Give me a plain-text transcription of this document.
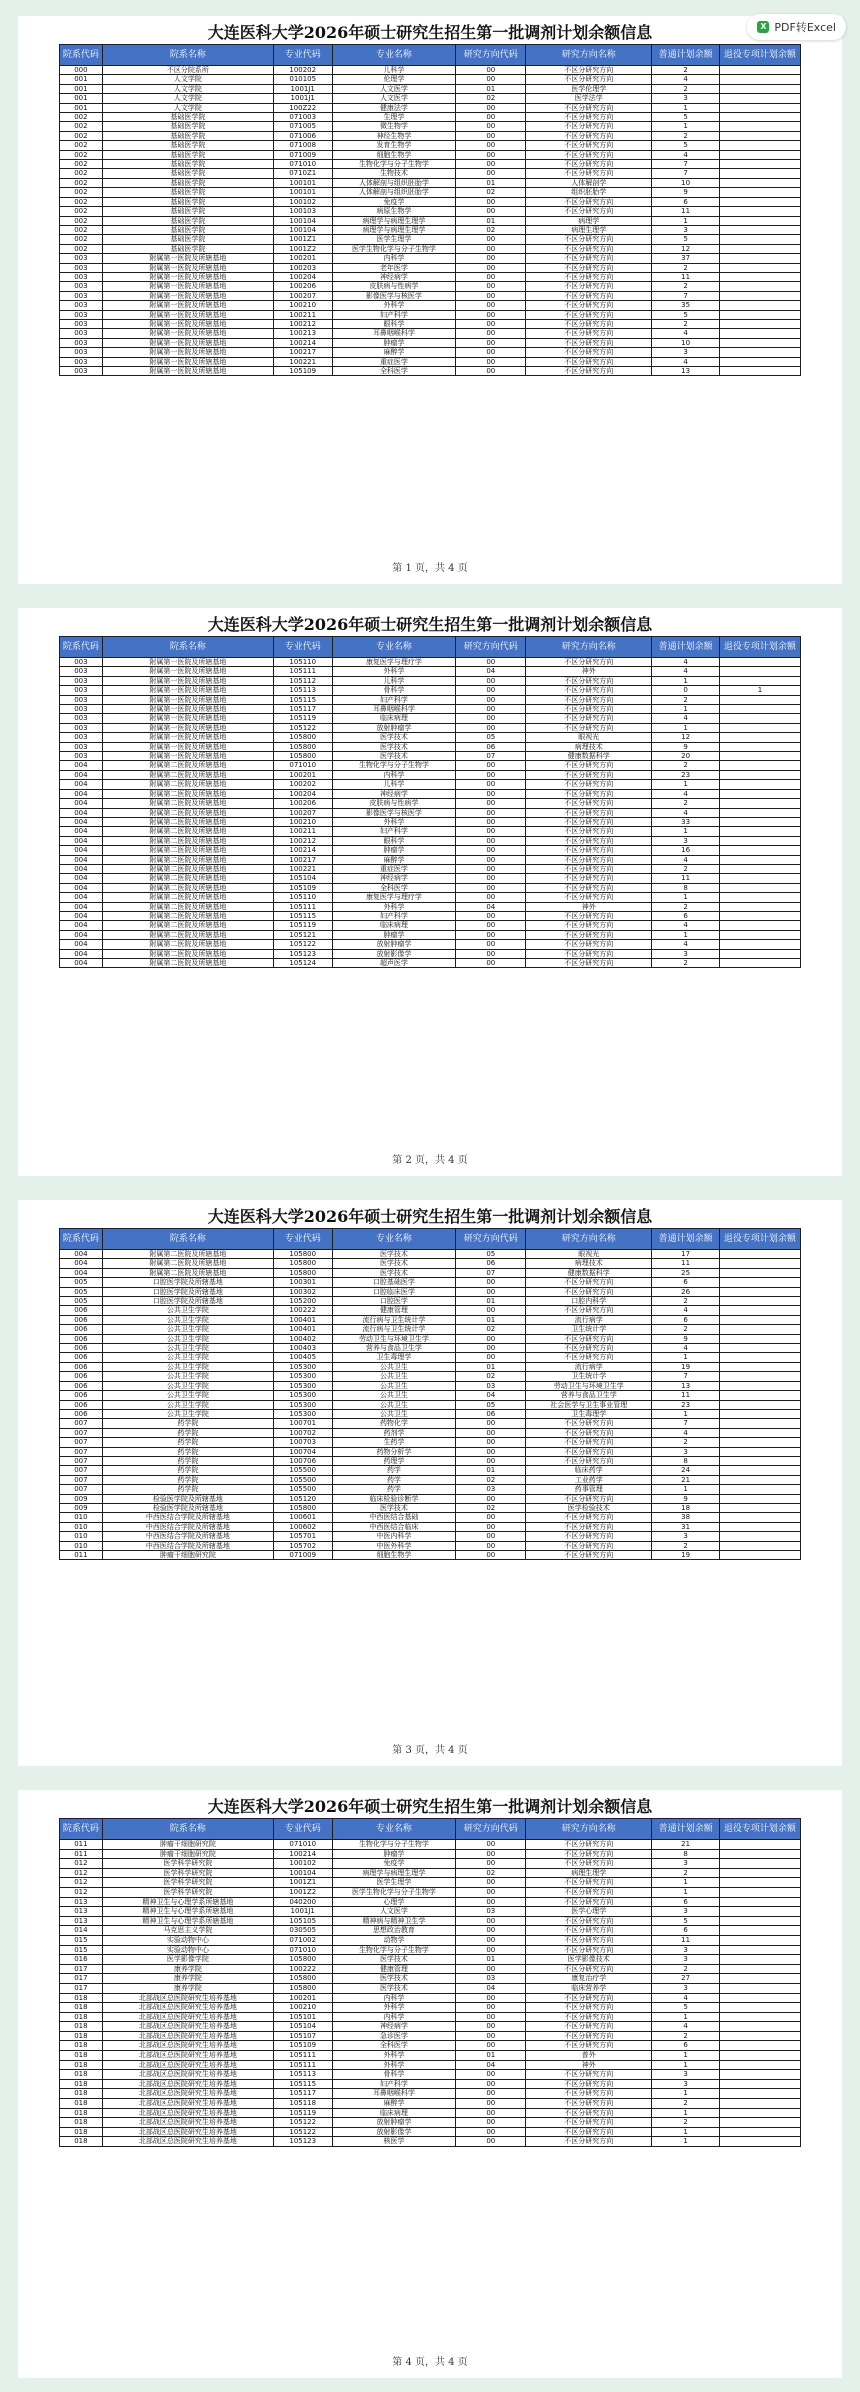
X PDF转Excel
大连医科大学2026年硕士研究生招生第一批调剂计划余额信息
院系代码	院系名称	专业代码	专业名称	研究方向代码	研究方向名称	普通计划余额	退役专项计划余额
000	不区分院系所	100202	儿科学	00	不区分研究方向	2	
001	人文学院	010105	伦理学	00	不区分研究方向	4	
001	人文学院	1001J1	人文医学	01	医学伦理学	2	
001	人文学院	1001J1	人文医学	02	医学法学	3	
001	人文学院	100Z22	健康法学	00	不区分研究方向	1	
002	基础医学院	071003	生理学	00	不区分研究方向	5	
002	基础医学院	071005	微生物学	00	不区分研究方向	1	
002	基础医学院	071006	神经生物学	00	不区分研究方向	2	
002	基础医学院	071008	发育生物学	00	不区分研究方向	5	
002	基础医学院	071009	细胞生物学	00	不区分研究方向	4	
002	基础医学院	071010	生物化学与分子生物学	00	不区分研究方向	7	
002	基础医学院	0710Z1	生物技术	00	不区分研究方向	7	
002	基础医学院	100101	人体解剖与组织胚胎学	01	人体解剖学	10	
002	基础医学院	100101	人体解剖与组织胚胎学	02	组织胚胎学	9	
002	基础医学院	100102	免疫学	00	不区分研究方向	6	
002	基础医学院	100103	病原生物学	00	不区分研究方向	11	
002	基础医学院	100104	病理学与病理生理学	01	病理学	1	
002	基础医学院	100104	病理学与病理生理学	02	病理生理学	3	
002	基础医学院	1001Z1	医学生理学	00	不区分研究方向	5	
002	基础医学院	1001Z2	医学生物化学与分子生物学	00	不区分研究方向	12	
003	附属第一医院及所辖基地	100201	内科学	00	不区分研究方向	37	
003	附属第一医院及所辖基地	100203	老年医学	00	不区分研究方向	2	
003	附属第一医院及所辖基地	100204	神经病学	00	不区分研究方向	11	
003	附属第一医院及所辖基地	100206	皮肤病与性病学	00	不区分研究方向	2	
003	附属第一医院及所辖基地	100207	影像医学与核医学	00	不区分研究方向	7	
003	附属第一医院及所辖基地	100210	外科学	00	不区分研究方向	35	
003	附属第一医院及所辖基地	100211	妇产科学	00	不区分研究方向	5	
003	附属第一医院及所辖基地	100212	眼科学	00	不区分研究方向	2	
003	附属第一医院及所辖基地	100213	耳鼻咽喉科学	00	不区分研究方向	4	
003	附属第一医院及所辖基地	100214	肿瘤学	00	不区分研究方向	10	
003	附属第一医院及所辖基地	100217	麻醉学	00	不区分研究方向	3	
003	附属第一医院及所辖基地	100221	重症医学	00	不区分研究方向	4	
003	附属第一医院及所辖基地	105109	全科医学	00	不区分研究方向	13	
第 1 页，共 4 页
大连医科大学2026年硕士研究生招生第一批调剂计划余额信息
院系代码	院系名称	专业代码	专业名称	研究方向代码	研究方向名称	普通计划余额	退役专项计划余额
003	附属第一医院及所辖基地	105110	康复医学与理疗学	00	不区分研究方向	4	
003	附属第一医院及所辖基地	105111	外科学	04	神外	4	
003	附属第一医院及所辖基地	105112	儿科学	00	不区分研究方向	1	
003	附属第一医院及所辖基地	105113	骨科学	00	不区分研究方向	0	1
003	附属第一医院及所辖基地	105115	妇产科学	00	不区分研究方向	2	
003	附属第一医院及所辖基地	105117	耳鼻咽喉科学	00	不区分研究方向	1	
003	附属第一医院及所辖基地	105119	临床病理	00	不区分研究方向	4	
003	附属第一医院及所辖基地	105122	放射肿瘤学	00	不区分研究方向	1	
003	附属第一医院及所辖基地	105800	医学技术	05	眼视光	12	
003	附属第一医院及所辖基地	105800	医学技术	06	病理技术	9	
003	附属第一医院及所辖基地	105800	医学技术	07	健康数据科学	20	
004	附属第二医院及所辖基地	071010	生物化学与分子生物学	00	不区分研究方向	2	
004	附属第二医院及所辖基地	100201	内科学	00	不区分研究方向	23	
004	附属第二医院及所辖基地	100202	儿科学	00	不区分研究方向	1	
004	附属第二医院及所辖基地	100204	神经病学	00	不区分研究方向	4	
004	附属第二医院及所辖基地	100206	皮肤病与性病学	00	不区分研究方向	2	
004	附属第二医院及所辖基地	100207	影像医学与核医学	00	不区分研究方向	4	
004	附属第二医院及所辖基地	100210	外科学	00	不区分研究方向	33	
004	附属第二医院及所辖基地	100211	妇产科学	00	不区分研究方向	1	
004	附属第二医院及所辖基地	100212	眼科学	00	不区分研究方向	3	
004	附属第二医院及所辖基地	100214	肿瘤学	00	不区分研究方向	16	
004	附属第二医院及所辖基地	100217	麻醉学	00	不区分研究方向	4	
004	附属第二医院及所辖基地	100221	重症医学	00	不区分研究方向	2	
004	附属第二医院及所辖基地	105104	神经病学	00	不区分研究方向	11	
004	附属第二医院及所辖基地	105109	全科医学	00	不区分研究方向	8	
004	附属第二医院及所辖基地	105110	康复医学与理疗学	00	不区分研究方向	1	
004	附属第二医院及所辖基地	105111	外科学	04	神外	2	
004	附属第二医院及所辖基地	105115	妇产科学	00	不区分研究方向	6	
004	附属第二医院及所辖基地	105119	临床病理	00	不区分研究方向	4	
004	附属第二医院及所辖基地	105121	肿瘤学	00	不区分研究方向	1	
004	附属第二医院及所辖基地	105122	放射肿瘤学	00	不区分研究方向	4	
004	附属第二医院及所辖基地	105123	放射影像学	00	不区分研究方向	3	
004	附属第二医院及所辖基地	105124	超声医学	00	不区分研究方向	2	
第 2 页，共 4 页
大连医科大学2026年硕士研究生招生第一批调剂计划余额信息
院系代码	院系名称	专业代码	专业名称	研究方向代码	研究方向名称	普通计划余额	退役专项计划余额
004	附属第二医院及所辖基地	105800	医学技术	05	眼视光	17	
004	附属第二医院及所辖基地	105800	医学技术	06	病理技术	11	
004	附属第二医院及所辖基地	105800	医学技术	07	健康数据科学	25	
005	口腔医学院及所辖基地	100301	口腔基础医学	00	不区分研究方向	6	
005	口腔医学院及所辖基地	100302	口腔临床医学	00	不区分研究方向	26	
005	口腔医学院及所辖基地	105200	口腔医学	01	口腔内科学	2	
006	公共卫生学院	100222	健康管理	00	不区分研究方向	4	
006	公共卫生学院	100401	流行病与卫生统计学	01	流行病学	6	
006	公共卫生学院	100401	流行病与卫生统计学	02	卫生统计学	2	
006	公共卫生学院	100402	劳动卫生与环境卫生学	00	不区分研究方向	9	
006	公共卫生学院	100403	营养与食品卫生学	00	不区分研究方向	4	
006	公共卫生学院	100405	卫生毒理学	00	不区分研究方向	1	
006	公共卫生学院	105300	公共卫生	01	流行病学	19	
006	公共卫生学院	105300	公共卫生	02	卫生统计学	7	
006	公共卫生学院	105300	公共卫生	03	劳动卫生与环境卫生学	13	
006	公共卫生学院	105300	公共卫生	04	营养与食品卫生学	11	
006	公共卫生学院	105300	公共卫生	05	社会医学与卫生事业管理	23	
006	公共卫生学院	105300	公共卫生	06	卫生毒理学	1	
007	药学院	100701	药物化学	00	不区分研究方向	7	
007	药学院	100702	药剂学	00	不区分研究方向	4	
007	药学院	100703	生药学	00	不区分研究方向	2	
007	药学院	100704	药物分析学	00	不区分研究方向	3	
007	药学院	100706	药理学	00	不区分研究方向	8	
007	药学院	105500	药学	01	临床药学	24	
007	药学院	105500	药学	02	工业药学	21	
007	药学院	105500	药学	03	药事管理	1	
009	检验医学院及所辖基地	105120	临床检验诊断学	00	不区分研究方向	9	
009	检验医学院及所辖基地	105800	医学技术	02	医学检验技术	18	
010	中西医结合学院及所辖基地	100601	中西医结合基础	00	不区分研究方向	38	
010	中西医结合学院及所辖基地	100602	中西医结合临床	00	不区分研究方向	31	
010	中西医结合学院及所辖基地	105701	中医内科学	00	不区分研究方向	3	
010	中西医结合学院及所辖基地	105702	中医外科学	00	不区分研究方向	2	
011	肿瘤干细胞研究院	071009	细胞生物学	00	不区分研究方向	19	
第 3 页，共 4 页
大连医科大学2026年硕士研究生招生第一批调剂计划余额信息
院系代码	院系名称	专业代码	专业名称	研究方向代码	研究方向名称	普通计划余额	退役专项计划余额
011	肿瘤干细胞研究院	071010	生物化学与分子生物学	00	不区分研究方向	21	
011	肿瘤干细胞研究院	100214	肿瘤学	00	不区分研究方向	8	
012	医学科学研究院	100102	免疫学	00	不区分研究方向	3	
012	医学科学研究院	100104	病理学与病理生理学	02	病理生理学	2	
012	医学科学研究院	1001Z1	医学生理学	00	不区分研究方向	1	
012	医学科学研究院	1001Z2	医学生物化学与分子生物学	00	不区分研究方向	1	
013	精神卫生与心理学系所辖基地	040200	心理学	00	不区分研究方向	6	
013	精神卫生与心理学系所辖基地	1001J1	人文医学	03	医学心理学	3	
013	精神卫生与心理学系所辖基地	105105	精神病与精神卫生学	00	不区分研究方向	5	
014	马克思主义学院	030505	思想政治教育	00	不区分研究方向	6	
015	实验动物中心	071002	动物学	00	不区分研究方向	11	
015	实验动物中心	071010	生物化学与分子生物学	00	不区分研究方向	3	
016	医学影像学院	105800	医学技术	01	医学影像技术	3	
017	康养学院	100222	健康管理	00	不区分研究方向	2	
017	康养学院	105800	医学技术	03	康复治疗学	27	
017	康养学院	105800	医学技术	04	临床营养学	3	
018	北部战区总医院研究生培养基地	100201	内科学	00	不区分研究方向	4	
018	北部战区总医院研究生培养基地	100210	外科学	00	不区分研究方向	5	
018	北部战区总医院研究生培养基地	105101	内科学	00	不区分研究方向	1	
018	北部战区总医院研究生培养基地	105104	神经病学	00	不区分研究方向	4	
018	北部战区总医院研究生培养基地	105107	急诊医学	00	不区分研究方向	2	
018	北部战区总医院研究生培养基地	105109	全科医学	00	不区分研究方向	6	
018	北部战区总医院研究生培养基地	105111	外科学	01	普外	1	
018	北部战区总医院研究生培养基地	105111	外科学	04	神外	1	
018	北部战区总医院研究生培养基地	105113	骨科学	00	不区分研究方向	3	
018	北部战区总医院研究生培养基地	105115	妇产科学	00	不区分研究方向	3	
018	北部战区总医院研究生培养基地	105117	耳鼻咽喉科学	00	不区分研究方向	1	
018	北部战区总医院研究生培养基地	105118	麻醉学	00	不区分研究方向	2	
018	北部战区总医院研究生培养基地	105119	临床病理	00	不区分研究方向	1	
018	北部战区总医院研究生培养基地	105122	放射肿瘤学	00	不区分研究方向	2	
018	北部战区总医院研究生培养基地	105122	放射影像学	00	不区分研究方向	1	
018	北部战区总医院研究生培养基地	105123	核医学	00	不区分研究方向	1	
第 4 页，共 4 页
